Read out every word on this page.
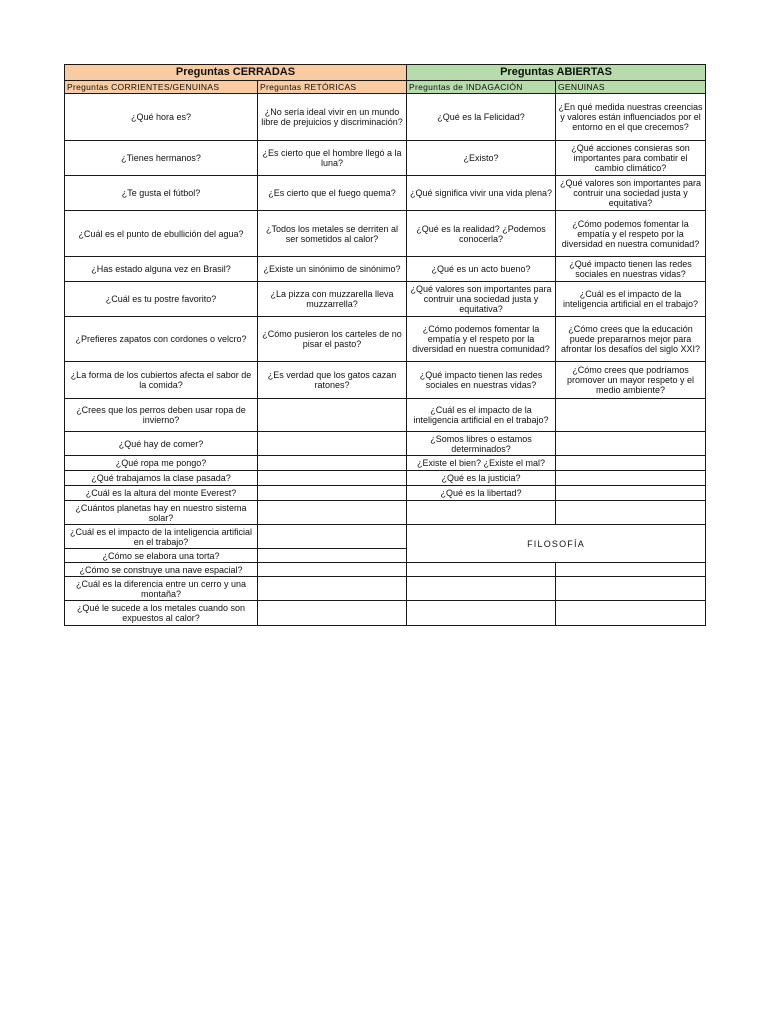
Preguntas CERRADAS		Preguntas ABIERTAS	
Preguntas CORRIENTES/GENUINAS	Preguntas RETÓRICAS	Preguntas de INDAGACIÓN	GENUINAS
¿Qué hora es?	¿No sería ideal vivir en un mundo libre de prejuicios y discriminación?	¿Qué es la Felicidad?	¿En qué medida nuestras creencias y valores están influenciados por el entorno en el que crecemos?
¿Tienes hermanos?	¿Es cierto que el hombre llegó a la luna?	¿Existo?	¿Qué acciones consieras son importantes para combatir el cambio climático?
¿Te gusta el fútbol?	¿Es cierto que el fuego quema?	¿Qué significa vivir una vida plena?	¿Qué valores son importantes para contruir una sociedad justa y equitativa?
¿Cuál es el punto de ebullición del agua?	¿Todos los metales se derriten al ser sometidos al calor?	¿Qué es la realidad? ¿Podemos conocerla?	¿Cómo podemos fomentar la empatía y el respeto por la diversidad en nuestra comunidad?
¿Has estado alguna vez en Brasil?	¿Existe un sinónimo de sinónimo?	¿Qué es un acto bueno?	¿Qué impacto tienen las redes sociales en nuestras vidas?
¿Cuál es tu postre favorito?	¿La pizza con muzzarella lleva muzzarrella?	¿Qué valores son importantes para contruir una sociedad justa y equitativa?	¿Cuál es el impacto de la inteligencia artificial en el trabajo?
¿Prefieres zapatos con cordones o velcro?	¿Cómo pusieron los carteles de no pisar el pasto?	¿Cómo podemos fomentar la empatía y el respeto por la diversidad en nuestra comunidad?	¿Cómo crees que la educación puede prepararnos mejor para afrontar los desafíos del siglo XXI?
¿La forma de los cubiertos afecta el sabor de la comida?	¿Es verdad que los gatos cazan ratones?	¿Qué impacto tienen las redes sociales en nuestras vidas?	¿Cómo crees que podríamos promover un mayor respeto y el medio ambiente?
¿Crees que los perros deben usar ropa de invierno?		¿Cuál es el impacto de la inteligencia artificial en el trabajo?	
¿Qué hay de comer?		¿Somos libres o estamos determinados?	
¿Qué ropa me pongo?		¿Existe el bien? ¿Existe el mal?	
¿Qué trabajamos la clase pasada?		¿Qué es la justicia?	
¿Cuál es la altura del monte Everest?		¿Qué es la libertad?	
¿Cuántos planetas hay en nuestro sistema solar?			
¿Cuál es el impacto de la inteligencia artificial en el trabajo?		FILOSOFÍA	
¿Cómo se elabora una torta?			
¿Cómo se construye una nave espacial?			
¿Cuál es la diferencia entre un cerro y una montaña?			
¿Qué le sucede a los metales cuando son expuestos al calor?			
